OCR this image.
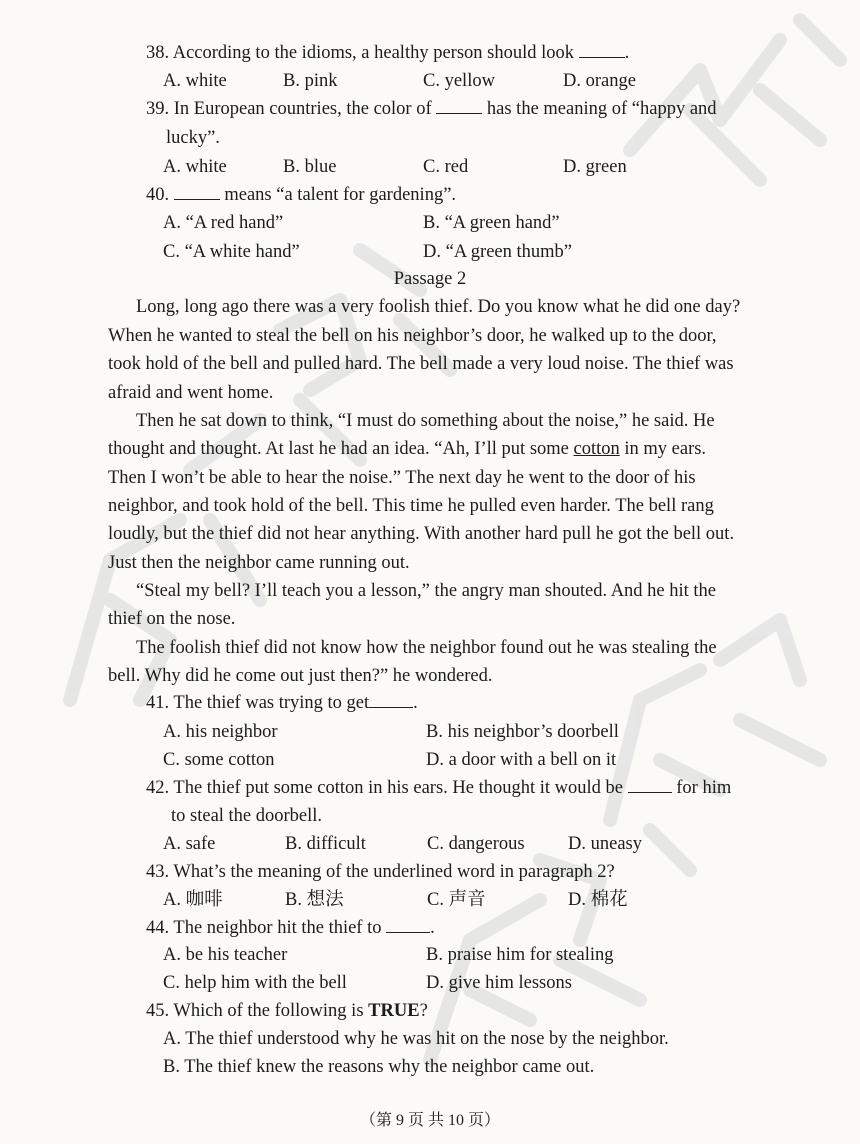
38. According to the idioms, a healthy person should look	.
A. white	B. pink	C. yellow	D. orange
39. In European countries, the color of	has the meaning of “happy and
lucky”.
A. white	B. blue	C. red	D. green
40.	means “a talent for gardening”.
A. “A red hand”	B. “A green hand”
C. “A white hand”	D. “A green thumb”
Passage 2
Long, long ago there was a very foolish thief. Do you know what he did one day?
When he wanted to steal the bell on his neighbor’s door, he walked up to the door,
took hold of the bell and pulled hard. The bell made a very loud noise. The thief was
afraid and went home.
Then he sat down to think, “I must do something about the noise,” he said. He
thought and thought. At last he had an idea. “Ah, I’ll put some cotton in my ears.
Then I won’t be able to hear the noise.” The next day he went to the door of his
neighbor, and took hold of the bell. This time he pulled even harder. The bell rang
loudly, but the thief did not hear anything. With another hard pull he got the bell out.
Just then the neighbor came running out.
“Steal my bell? I’ll teach you a lesson,” the angry man shouted. And he hit the
thief on the nose.
The foolish thief did not know how the neighbor found out he was stealing the
bell. Why did he come out just then?” he wondered.
41. The thief was trying to get .
A. his neighbor	B. his neighbor’s doorbell
C. some cotton	D. a door with a bell on it
42. The thief put some cotton in his ears. He thought it would be	for him
to steal the doorbell.
A. safe	B. difficult	C. dangerous D. uneasy
43. What’s the meaning of the underlined word in paragraph 2?
A. 咖啡	B. 想法	C. 声音	D. 棉花
44. The neighbor hit the thief to	.
A. be his teacher	B. praise him for stealing
C. help him with the bell	D. give him lessons
45. Which of the following is TRUE?
A. The thief understood why he was hit on the nose by the neighbor.
B. The thief knew the reasons why the neighbor came out.
（第 9 页 共 10 页）
